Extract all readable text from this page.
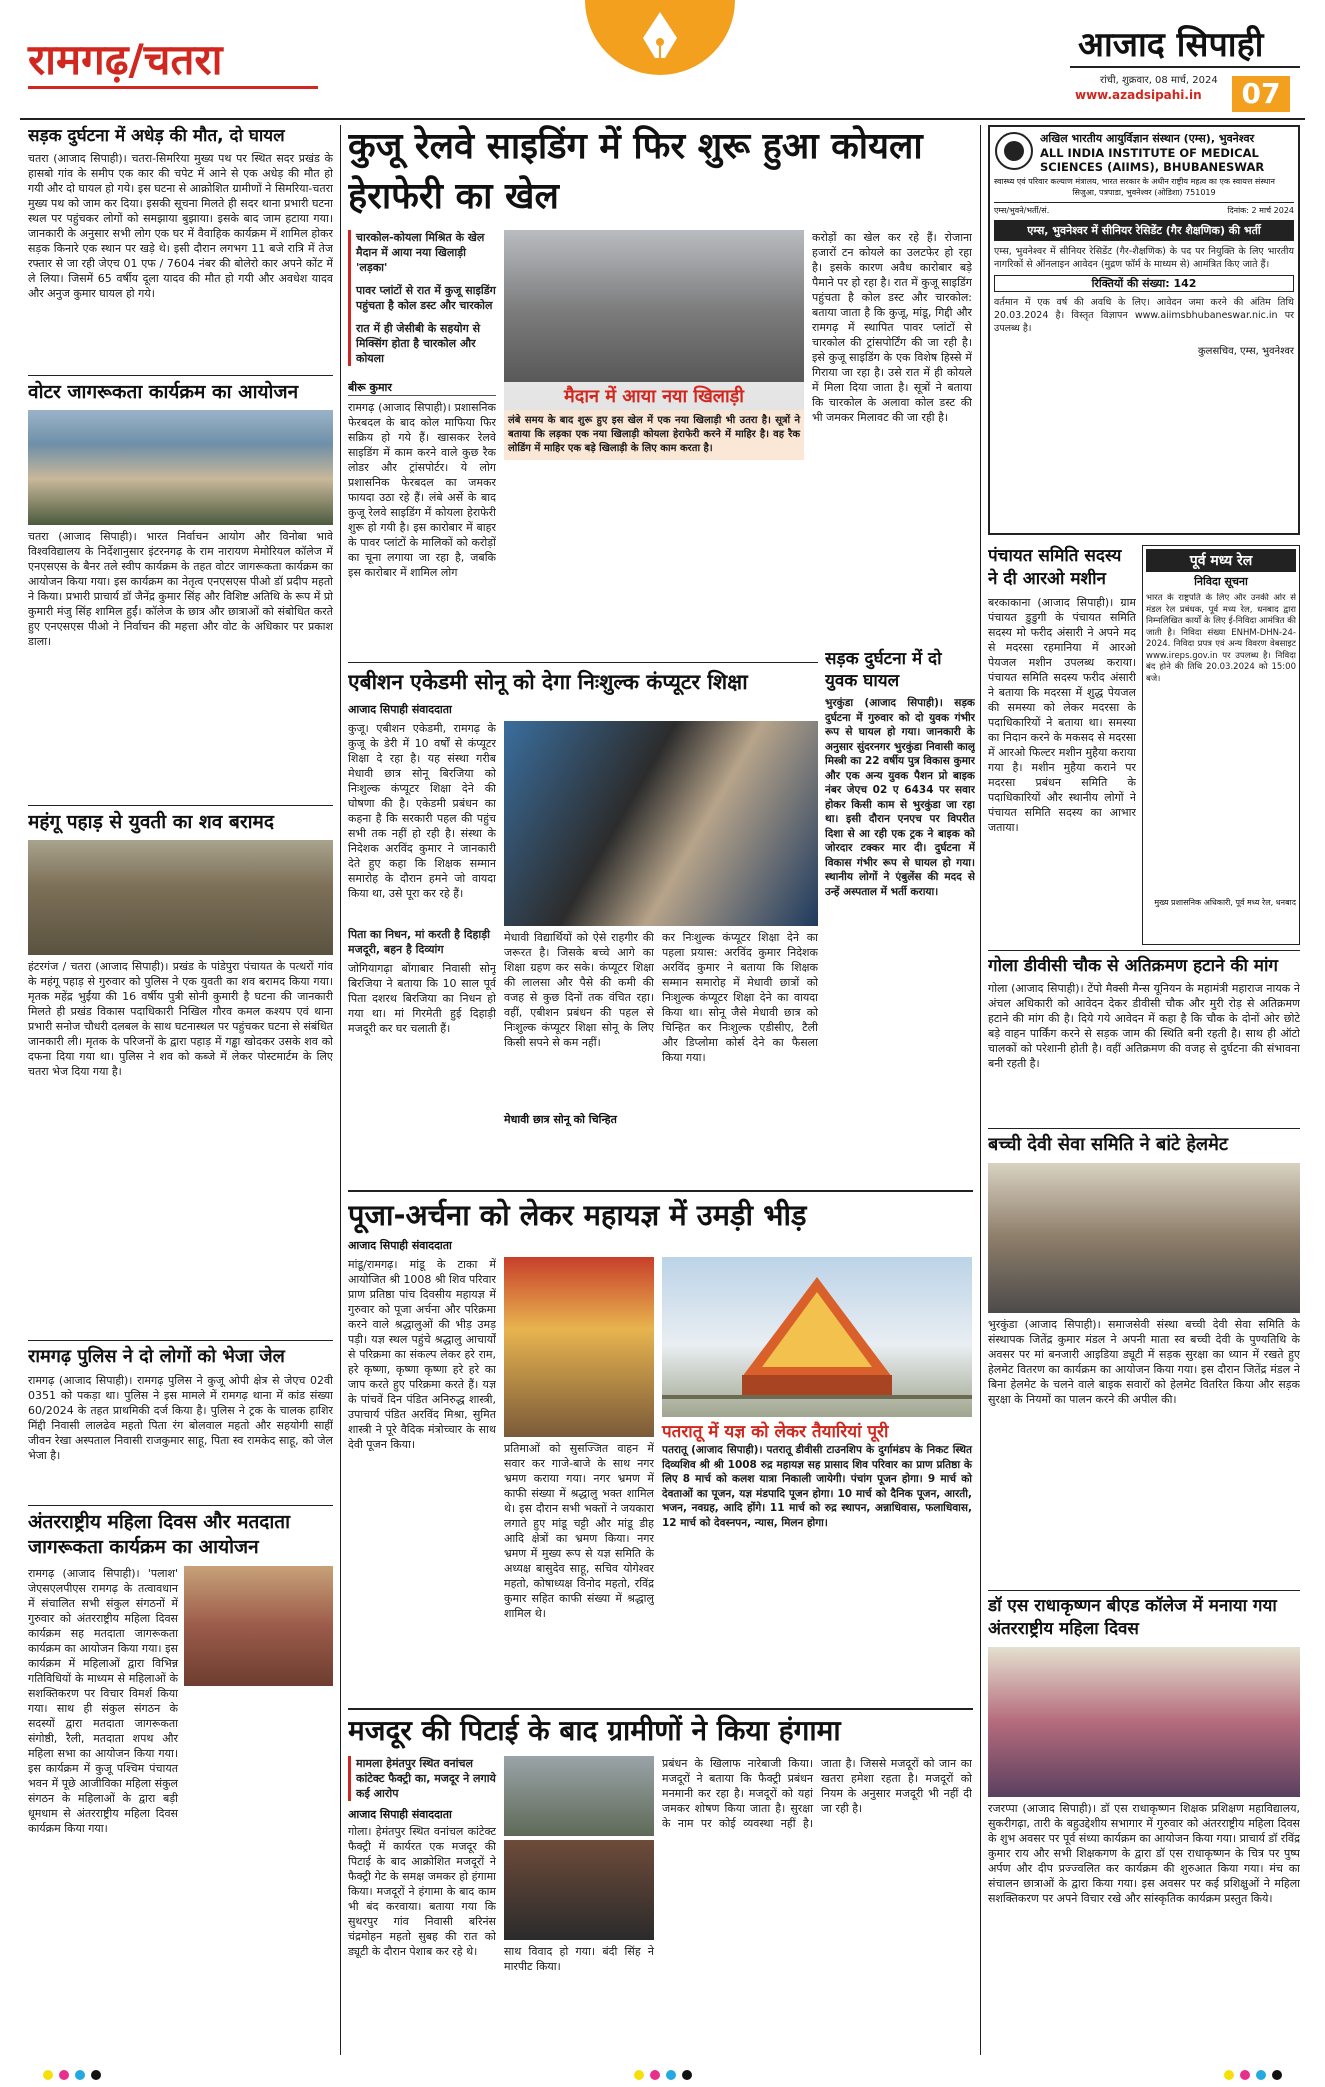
रामगढ़/चतरा	आजाद सिपाही
रांची, शुक्रवार, 08 मार्च, 2024
www.azadsipahi.in	07
सड़क दुर्घटना में अधेड़ की मौत, दो घायल
चतरा (आजाद सिपाही)। चतरा-सिमरिया मुख्य पथ पर स्थित सदर प्रखंड के हासबो गांव के समीप एक कार की चपेट में आने से एक अधेड़ की मौत हो गयी और दो घायल हो गये। इस घटना से आक्रोशित ग्रामीणों ने सिमरिया-चतरा मुख्य पथ को जाम कर दिया। इसकी सूचना मिलते ही सदर थाना प्रभारी घटना स्थल पर पहुंचकर लोगों को समझाया बुझाया। इसके बाद जाम हटाया गया। जानकारी के अनुसार सभी लोग एक घर में वैवाहिक कार्यक्रम में शामिल होकर सड़क किनारे एक स्थान पर खड़े थे। इसी दौरान लगभग 11 बजे रात्रि में तेज रफ्तार से जा रही जेएच 01 एफ / 7604 नंबर की बोलेरो कार अपने कोंट में ले लिया। जिसमें 65 वर्षीय दूला यादव की मौत हो गयी और अवधेश यादव और अनुज कुमार घायल हो गये।
वोटर जागरूकता कार्यक्रम का आयोजन
चतरा (आजाद सिपाही)। भारत निर्वाचन आयोग और विनोबा भावे विश्वविद्यालय के निर्देशानुसार इंटरनगढ़ के राम नारायण मेमोरियल कॉलेज में एनएसएस के बैनर तले स्वीप कार्यक्रम के तहत वोटर जागरूकता कार्यक्रम का आयोजन किया गया। इस कार्यक्रम का नेतृत्व एनएसएस पीओ डॉ प्रदीप महतो ने किया। प्रभारी प्राचार्य डॉ जैनेंद्र कुमार सिंह और विशिष्ट अतिथि के रूप में प्रो कुमारी मंजु सिंह शामिल हुईं। कॉलेज के छात्र और छात्राओं को संबोधित करते हुए एनएसएस पीओ ने निर्वाचन की महत्ता और वोट के अधिकार पर प्रकाश डाला।
महंगू पहाड़ से युवती का शव बरामद
हंटरगंज / चतरा (आजाद सिपाही)। प्रखंड के पांडेपुरा पंचायत के पत्थरों गांव के महंगू पहाड़ से गुरुवार को पुलिस ने एक युवती का शव बरामद किया गया। मृतक महेंद्र भुईंया की 16 वर्षीय पुत्री सोनी कुमारी है घटना की जानकारी मिलते ही प्रखंड विकास पदाधिकारी निखिल गौरव कमल कश्यप एवं थाना प्रभारी सनोज चौधरी दलबल के साथ घटनास्थल पर पहुंचकर घटना से संबंधित जानकारी ली। मृतक के परिजनों के द्वारा पहाड़ में गड्ढा खोदकर उसके शव को दफना दिया गया था। पुलिस ने शव को कब्जे में लेकर पोस्टमार्टम के लिए चतरा भेज दिया गया है।
रामगढ़ पुलिस ने दो लोगों को भेजा जेल
रामगढ़ (आजाद सिपाही)। रामगढ़ पुलिस ने कुजू ओपी क्षेत्र से जेएच 02वी 0351 को पकड़ा था। पुलिस ने इस मामले में रामगढ़ थाना में कांड संख्या 60/2024 के तहत प्राथमिकी दर्ज किया है। पुलिस ने ट्रक के चालक हाशिर मिंद्दी निवासी लालढेव महतो पिता रंग बोलवाल महतो और सहयोगी साहीं जीवन रेखा अस्पताल निवासी राजकुमार साहू, पिता स्व रामकेद साहू, को जेल भेजा है।
अंतरराष्ट्रीय महिला दिवस और मतदाता जागरूकता कार्यक्रम का आयोजन
रामगढ़ (आजाद सिपाही)। 'पलाश' जेएसएलपीएस रामगढ़ के तत्वावधान में संचालित सभी संकुल संगठनों में गुरुवार को अंतरराष्ट्रीय महिला दिवस कार्यक्रम सह मतदाता जागरूकता कार्यक्रम का आयोजन किया गया। इस कार्यक्रम में महिलाओं द्वारा विभिन्न गतिविधियों के माध्यम से महिलाओं के सशक्तिकरण पर विचार विमर्श किया गया। साथ ही संकुल संगठन के सदस्यों द्वारा मतदाता जागरूकता संगोष्ठी, रैली, मतदाता शपथ और महिला सभा का आयोजन किया गया। इस कार्यक्रम में कुजू पश्चिम पंचायत भवन में पूछे आजीविका महिला संकुल संगठन के महिलाओं के द्वारा बड़ी धूमधाम से अंतरराष्ट्रीय महिला दिवस कार्यक्रम किया गया।
कुजू रेलवे साइडिंग में फिर शुरू हुआ कोयला हेराफेरी का खेल
चारकोल-कोयला मिश्रित के खेल मैदान में आया नया खिलाड़ी 'लड़का'
पावर प्लांटों से रात में कुजू साइडिंग पहुंचता है कोल डस्ट और चारकोल
रात में ही जेसीबी के सहयोग से मिक्सिंग होता है चारकोल और कोयला
बीरू कुमार
रामगढ़ (आजाद सिपाही)। प्रशासनिक फेरबदल के बाद कोल माफिया फिर सक्रिय हो गये हैं। खासकर रेलवे साइडिंग में काम करने वाले कुछ रैक लोडर और ट्रांसपोर्टर। ये लोग प्रशासनिक फेरबदल का जमकर फायदा उठा रहे हैं। लंबे अर्से के बाद कुजू रेलवे साइडिंग में कोयला हेराफेरी शुरू हो गयी है। इस कारोबार में बाहर के पावर प्लांटों के मालिकों को करोड़ों का चूना लगाया जा रहा है, जबकि इस कारोबार में शामिल लोग
मैदान में आया नया खिलाड़ी
लंबे समय के बाद शुरू हुए इस खेल में एक नया खिलाड़ी भी उतरा है। सूत्रों ने बताया कि लड़का एक नया खिलाड़ी कोयला हेराफेरी करने में माहिर है। वह रैक लोडिंग में माहिर एक बड़े खिलाड़ी के लिए काम करता है।
करोड़ों का खेल कर रहे हैं। रोजाना हजारों टन कोयले का उलटफेर हो रहा है। इसके कारण अवैध कारोबार बड़े पैमाने पर हो रहा है। रात में कुजू साइडिंग पहुंचता है कोल डस्ट और चारकोल: बताया जाता है कि कुजू, मांडू, गिद्दी और रामगढ़ में स्थापित पावर प्लांटों से चारकोल की ट्रांसपोर्टिंग की जा रही है। इसे कुजू साइडिंग के एक विशेष हिस्से में गिराया जा रहा है। उसे रात में ही कोयले में मिला दिया जाता है। सूत्रों ने बताया कि चारकोल के अलावा कोल डस्ट की भी जमकर मिलावट की जा रही है।
सड़क दुर्घटना में दो युवक घायल
भुरकुंडा (आजाद सिपाही)। सड़क दुर्घटना में गुरुवार को दो युवक गंभीर रूप से घायल हो गया। जानकारी के अनुसार सुंदरनगर भुरकुंडा निवासी कालू मिस्त्री का 22 वर्षीय पुत्र विकास कुमार और एक अन्य युवक पैशन प्रो बाइक नंबर जेएच 02 ए 6434 पर सवार होकर किसी काम से भुरकुंडा जा रहा था। इसी दौरान एनएच पर विपरीत दिशा से आ रही एक ट्रक ने बाइक को जोरदार टक्कर मार दी। दुर्घटना में विकास गंभीर रूप से घायल हो गया। स्थानीय लोगों ने एंबुलेंस की मदद से उन्हें अस्पताल में भर्ती कराया।
एबीशन एकेडमी सोनू को देगा निःशुल्क कंप्यूटर शिक्षा
आजाद सिपाही संवाददाता
कुजू। एबीशन एकेडमी, रामगढ़ के कुजू के डेरी में 10 वर्षों से कंप्यूटर शिक्षा दे रहा है। यह संस्था गरीब मेधावी छात्र सोनू बिरजिया को निःशुल्क कंप्यूटर शिक्षा देने की घोषणा की है। एकेडमी प्रबंधन का कहना है कि सरकारी पहल की पहुंच सभी तक नहीं हो रही है। संस्था के निदेशक अरविंद कुमार ने जानकारी देते हुए कहा कि शिक्षक सम्मान समारोह के दौरान हमने जो वायदा किया था, उसे पूरा कर रहे हैं।
पिता का निधन, मां करती है दिहाड़ी मजदूरी, बहन है दिव्यांग
जोगियागढ़ा बोंगाबार निवासी सोनू बिरजिया ने बताया कि 10 साल पूर्व पिता दशरथ बिरजिया का निधन हो गया था। मां गिरमेती हुई दिहाड़ी मजदूरी कर घर चलाती हैं।
मेधावी विद्यार्थियों को ऐसे राहगीर की जरूरत है। जिसके बच्चे आगे का शिक्षा ग्रहण कर सके। कंप्यूटर शिक्षा की लालसा और पैसे की कमी की वजह से कुछ दिनों तक वंचित रहा। वहीं, एबीशन प्रबंधन की पहल से निःशुल्क कंप्यूटर शिक्षा सोनू के लिए किसी सपने से कम नहीं।
कर निःशुल्क कंप्यूटर शिक्षा देने का पहला प्रयास: अरविंद कुमार निदेशक अरविंद कुमार ने बताया कि शिक्षक सम्मान समारोह में मेधावी छात्रों को निःशुल्क कंप्यूटर शिक्षा देने का वायदा किया था। सोनू जैसे मेधावी छात्र को चिन्हित कर निःशुल्क एडीसीए, टैली और डिप्लोमा कोर्स देने का फैसला किया गया।
मेधावी छात्र सोनू को चिन्हित
पूजा-अर्चना को लेकर महायज्ञ में उमड़ी भीड़
आजाद सिपाही संवाददाता
मांडू/रामगढ़। मांडू के टाका में आयोजित श्री 1008 श्री शिव परिवार प्राण प्रतिष्ठा पांच दिवसीय महायज्ञ में गुरुवार को पूजा अर्चना और परिक्रमा करने वाले श्रद्धालुओं की भीड़ उमड़ पड़ी। यज्ञ स्थल पहुंचे श्रद्धालु आचार्यों से परिक्रमा का संकल्प लेकर हरे राम, हरे कृष्णा, कृष्णा कृष्णा हरे हरे का जाप करते हुए परिक्रमा करते हैं। यज्ञ के पांचवें दिन पंडित अनिरुद्ध शास्त्री, उपाचार्य पंडित अरविंद मिश्रा, सुमित शास्त्री ने पूरे वैदिक मंत्रोच्चार के साथ देवी पूजन किया।	प्रतिमाओं को सुसज्जित वाहन में सवार कर गाजे-बाजे के साथ नगर भ्रमण कराया गया। नगर भ्रमण में काफी संख्या में श्रद्धालु भक्त शामिल थे। इस दौरान सभी भक्तों ने जयकारा लगाते हुए मांडू चट्टी और मांडू डीह आदि क्षेत्रों का भ्रमण किया। नगर भ्रमण में मुख्य रूप से यज्ञ समिति के अध्यक्ष बासुदेव साहू, सचिव योगेश्वर महतो, कोषाध्यक्ष विनोद महतो, रविंद्र कुमार सहित काफी संख्या में श्रद्धालु शामिल थे।
पतरातू में यज्ञ को लेकर तैयारियां पूरी
पतरातू (आजाद सिपाही)। पतरातू डीवीसी टाउनशिप के दुर्गामंडप के निकट स्थित दिव्यशिव श्री श्री 1008 रुद्र महायज्ञ सह प्रासाद शिव परिवार का प्राण प्रतिष्ठा के लिए 8 मार्च को कलश यात्रा निकाली जायेगी। पंचांग पूजन होगा। 9 मार्च को देवताओं का पूजन, यज्ञ मंडपादि पूजन होगा। 10 मार्च को दैनिक पूजन, आरती, भजन, नवग्रह, आदि होंगे। 11 मार्च को रुद्र स्थापन, अन्नाधिवास, फलाधिवास, 12 मार्च को देवस्नपन, न्यास, मिलन होगा।
मजदूर की पिटाई के बाद ग्रामीणों ने किया हंगामा
मामला हेमंतपुर स्थित वनांचल कांटेक्ट फैक्ट्री का, मजदूर ने लगाये कई आरोप
आजाद सिपाही संवाददाता
गोला। हेमंतपुर स्थित वनांचल कांटेक्ट फैक्ट्री में कार्यरत एक मजदूर की पिटाई के बाद आक्रोशित मजदूरों ने फैक्ट्री गेट के समक्ष जमकर हो हंगामा किया। मजदूरों ने हंगामा के बाद काम भी बंद करवाया। बताया गया कि सुथरपुर गांव निवासी बरिनंस चंद्रमोहन महतो सुबह की रात को ड्यूटी के दौरान पेशाब कर रहे थे।	साथ विवाद हो गया। बंदी सिंह ने मारपीट किया।
प्रबंधन के खिलाफ नारेबाजी किया। मजदूरों ने बताया कि फैक्ट्री प्रबंधन मनमानी कर रहा है। मजदूरों को यहां जमकर शोषण किया जाता है। सुरक्षा के नाम पर कोई व्यवस्था नहीं है। जाता है। जिससे मजदूरों को जान का खतरा हमेशा रहता है। मजदूरों को नियम के अनुसार मजदूरी भी नहीं दी जा रही है।
अखिल भारतीय आयुर्विज्ञान संस्थान (एम्स), भुवनेश्वर
ALL INDIA INSTITUTE OF MEDICAL SCIENCES (AIIMS), BHUBANESWAR
स्वास्थ्य एवं परिवार कल्याण मंत्रालय, भारत सरकार के अधीन राष्ट्रीय महत्व का एक स्वायत्त संस्थान
सिजुआ, पत्रपाडा, भुवनेश्वर (ओडिशा) 751019
एम्स/भुवने/भर्ती/सं.	दिनांक: 2 मार्च 2024
एम्स, भुवनेश्वर में सीनियर रेसिडेंट (गैर शैक्षणिक) की भर्ती
एम्स, भुवनेश्वर में सीनियर रेसिडेंट (गैर-शैक्षणिक) के पद पर नियुक्ति के लिए भारतीय नागरिकों से ऑनलाइन आवेदन (मुद्रण फॉर्म के माध्यम से) आमंत्रित किए जाते हैं।
रिक्तियों की संख्या: 142
वर्तमान में एक वर्ष की अवधि के लिए। आवेदन जमा करने की अंतिम तिथि 20.03.2024 है। विस्तृत विज्ञापन www.aiimsbhubaneswar.nic.in पर उपलब्ध है।
कुलसचिव, एम्स, भुवनेश्वर
पंचायत समिति सदस्य ने दी आरओ मशीन
बरकाकाना (आजाद सिपाही)। ग्राम पंचायत डुडुगी के पंचायत समिति सदस्य मो फरीद अंसारी ने अपने मद से मदरसा रहमानिया में आरओ पेयजल मशीन उपलब्ध कराया। पंचायत समिति सदस्य फरीद अंसारी ने बताया कि मदरसा में शुद्ध पेयजल की समस्या को लेकर मदरसा के पदाधिकारियों ने बताया था। समस्या का निदान करने के मकसद से मदरसा में आरओ फिल्टर मशीन मुहैया कराया गया है। मशीन मुहैया कराने पर मदरसा प्रबंधन समिति के पदाधिकारियों और स्थानीय लोगों ने पंचायत समिति सदस्य का आभार जताया।
पूर्व मध्य रेल
निविदा सूचना
भारत के राष्ट्रपति के लिए और उनकी ओर से मंडल रेल प्रबंधक, पूर्व मध्य रेल, धनबाद द्वारा निम्नलिखित कार्यों के लिए ई-निविदा आमंत्रित की जाती है। निविदा संख्या ENHM-DHN-24-2024. निविदा प्रपत्र एवं अन्य विवरण वेबसाइट www.ireps.gov.in पर उपलब्ध है। निविदा बंद होने की तिथि 20.03.2024 को 15:00 बजे।
मुख्य प्रशासनिक अधिकारी, पूर्व मध्य रेल, धनबाद
गोला डीवीसी चौक से अतिक्रमण हटाने की मांग
गोला (आजाद सिपाही)। टेंपो मैक्सी मैन्स यूनियन के महामंत्री महाराज नायक ने अंचल अधिकारी को आवेदन देकर डीवीसी चौक और मुरी रोड़ से अतिक्रमण हटाने की मांग की है। दिये गये आवेदन में कहा है कि चौक के दोनों ओर छोटे बड़े वाहन पार्किंग करने से सड़क जाम की स्थिति बनी रहती है। साथ ही ऑटो चालकों को परेशानी होती है। वहीं अतिक्रमण की वजह से दुर्घटना की संभावना बनी रहती है।
बच्ची देवी सेवा समिति ने बांटे हेलमेट
भुरकुंडा (आजाद सिपाही)। समाजसेवी संस्था बच्ची देवी सेवा समिति के संस्थापक जितेंद्र कुमार मंडल ने अपनी माता स्व बच्ची देवी के पुण्यतिथि के अवसर पर मां बनजारी आइडिया ड्यूटी में सड़क सुरक्षा का ध्यान में रखते हुए हेलमेट वितरण का कार्यक्रम का आयोजन किया गया। इस दौरान जितेंद्र मंडल ने बिना हेलमेट के चलने वाले बाइक सवारों को हेलमेट वितरित किया और सड़क सुरक्षा के नियमों का पालन करने की अपील की।
डॉ एस राधाकृष्णन बीएड कॉलेज में मनाया गया अंतरराष्ट्रीय महिला दिवस
रजरप्पा (आजाद सिपाही)। डॉ एस राधाकृष्णन शिक्षक प्रशिक्षण महाविद्यालय, सुकरीगढ़ा, तारी के बहुउद्देशीय सभागार में गुरुवार को अंतरराष्ट्रीय महिला दिवस के शुभ अवसर पर पूर्व संध्या कार्यक्रम का आयोजन किया गया। प्राचार्य डॉ रविंद्र कुमार राय और सभी शिक्षकगण के द्वारा डॉ एस राधाकृष्णन के चित्र पर पुष्प अर्पण और दीप प्रज्ज्वलित कर कार्यक्रम की शुरुआत किया गया। मंच का संचालन छात्राओं के द्वारा किया गया। इस अवसर पर कई प्रशिक्षुओं ने महिला सशक्तिकरण पर अपने विचार रखे और सांस्कृतिक कार्यक्रम प्रस्तुत किये।
